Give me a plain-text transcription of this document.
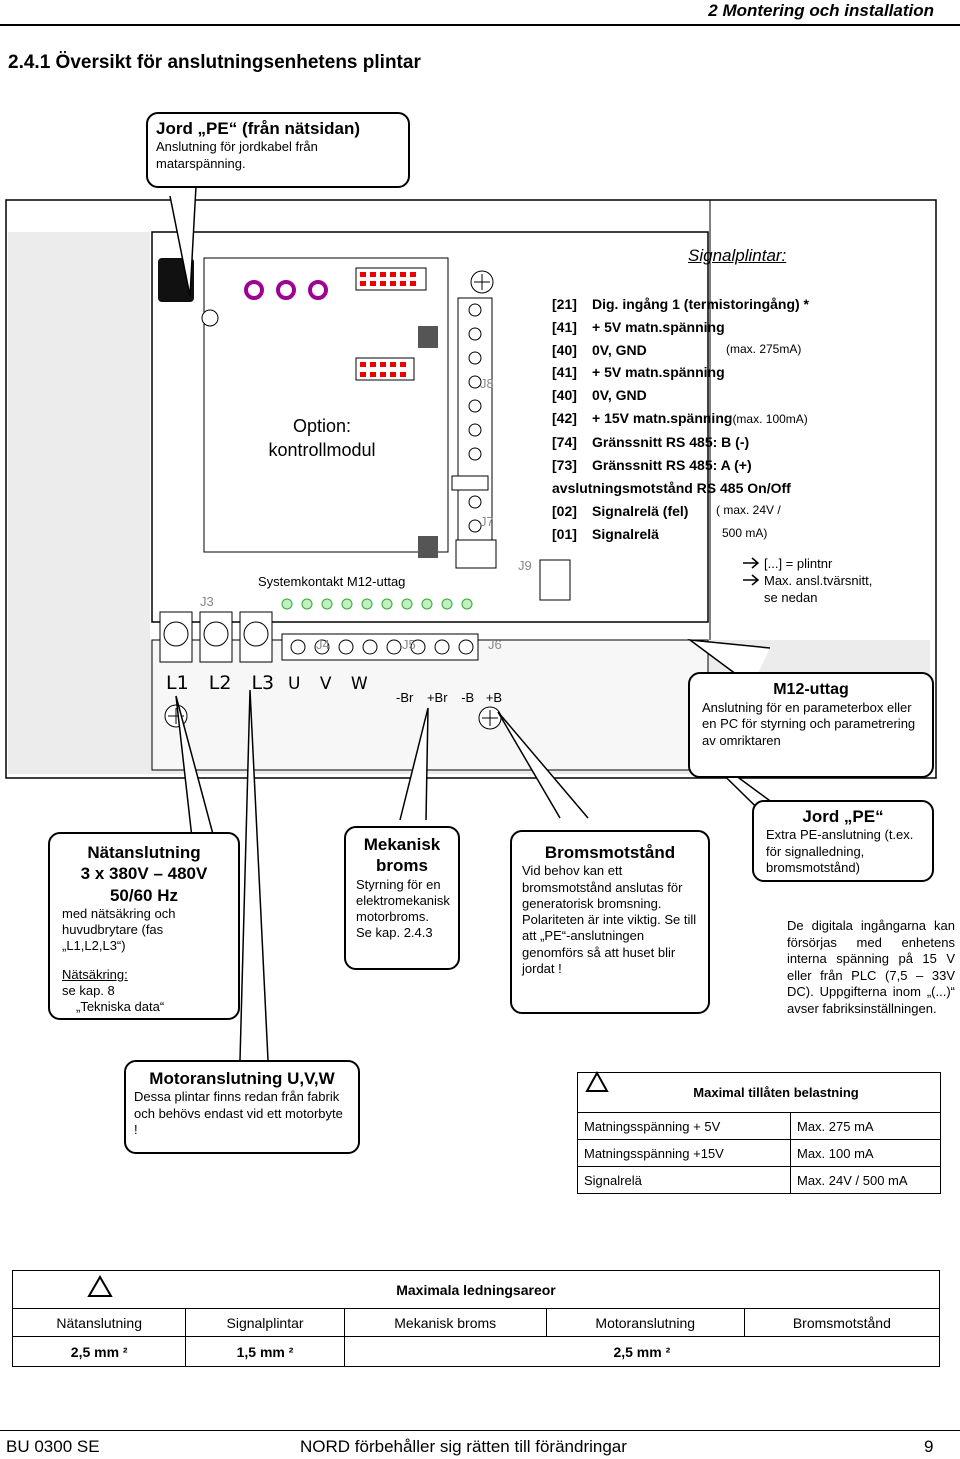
2 Montering och installation
2.4.1 Översikt för anslutningsenhetens plintar
Option:
kontrollmodul
Systemkontakt M12-uttag
J3
J4	J5	J6
J7
J8
J9
L1 L2 L3 U V W
-Br +Br -B +B
Jord „PE“ (från nätsidan)
Anslutning för jordkabel från
matarspänning.
Signalplintar:
[21] Dig. ingång 1 (termistoringång) *
[41] + 5V matn.spänning
[40] 0V, GND	(max. 275mA)
[41] + 5V matn.spänning
[40] 0V, GND
[42] + 15V matn.spänning(max. 100mA)
[74] Gränssnitt RS 485: B (-)
[73] Gränssnitt RS 485: A (+)
avslutningsmotstånd RS 485 On/Off
[02] Signalrelä (fel) ( max. 24V /
[01] Signalrelä	500 mA)
[...] = plintnr
Max. ansl.tvärsnitt,
se nedan
M12-uttag
Anslutning för en parameterbox eller en PC för styrning och parametrering av omriktaren
Nätanslutning
3 x 380V – 480V
50/60 Hz
med nätsäkring och huvudbrytare (fas „L1,L2,L3“)
Nätsäkring:
se kap. 8
„Tekniska data“
Mekanisk
broms
Styrning för en elektromekanisk motorbroms. Se kap. 2.4.3
Bromsmotstånd
Vid behov kan ett bromsmotstånd anslutas för generatorisk bromsning. Polariteten är inte viktig. Se till att „PE“-anslutningen genomförs så att huset blir jordat !
Jord „PE“
Extra PE-anslutning (t.ex. för signalledning, bromsmotstånd)
De digitala ingångarna kan försörjas med enhetens interna spänning på 15 V eller från PLC (7,5 – 33V DC). Uppgifterna inom „(...)“ avser fabriksinställningen.
Motoranslutning U,V,W
Dessa plintar finns redan från fabrik och behövs endast vid ett motorbyte !
Maximal tillåten belastning	
Matningsspänning + 5V	Max. 275 mA
Matningsspänning +15V	Max. 100 mA
Signalrelä	Max. 24V / 500 mA
Maximala ledningsareor				
Nätanslutning	Signalplintar	Mekanisk broms	Motoranslutning	Bromsmotstånd
2,5 mm ²	1,5 mm ²	2,5 mm ²		
BU 0300 SE	NORD förbehåller sig rätten till förändringar	9
